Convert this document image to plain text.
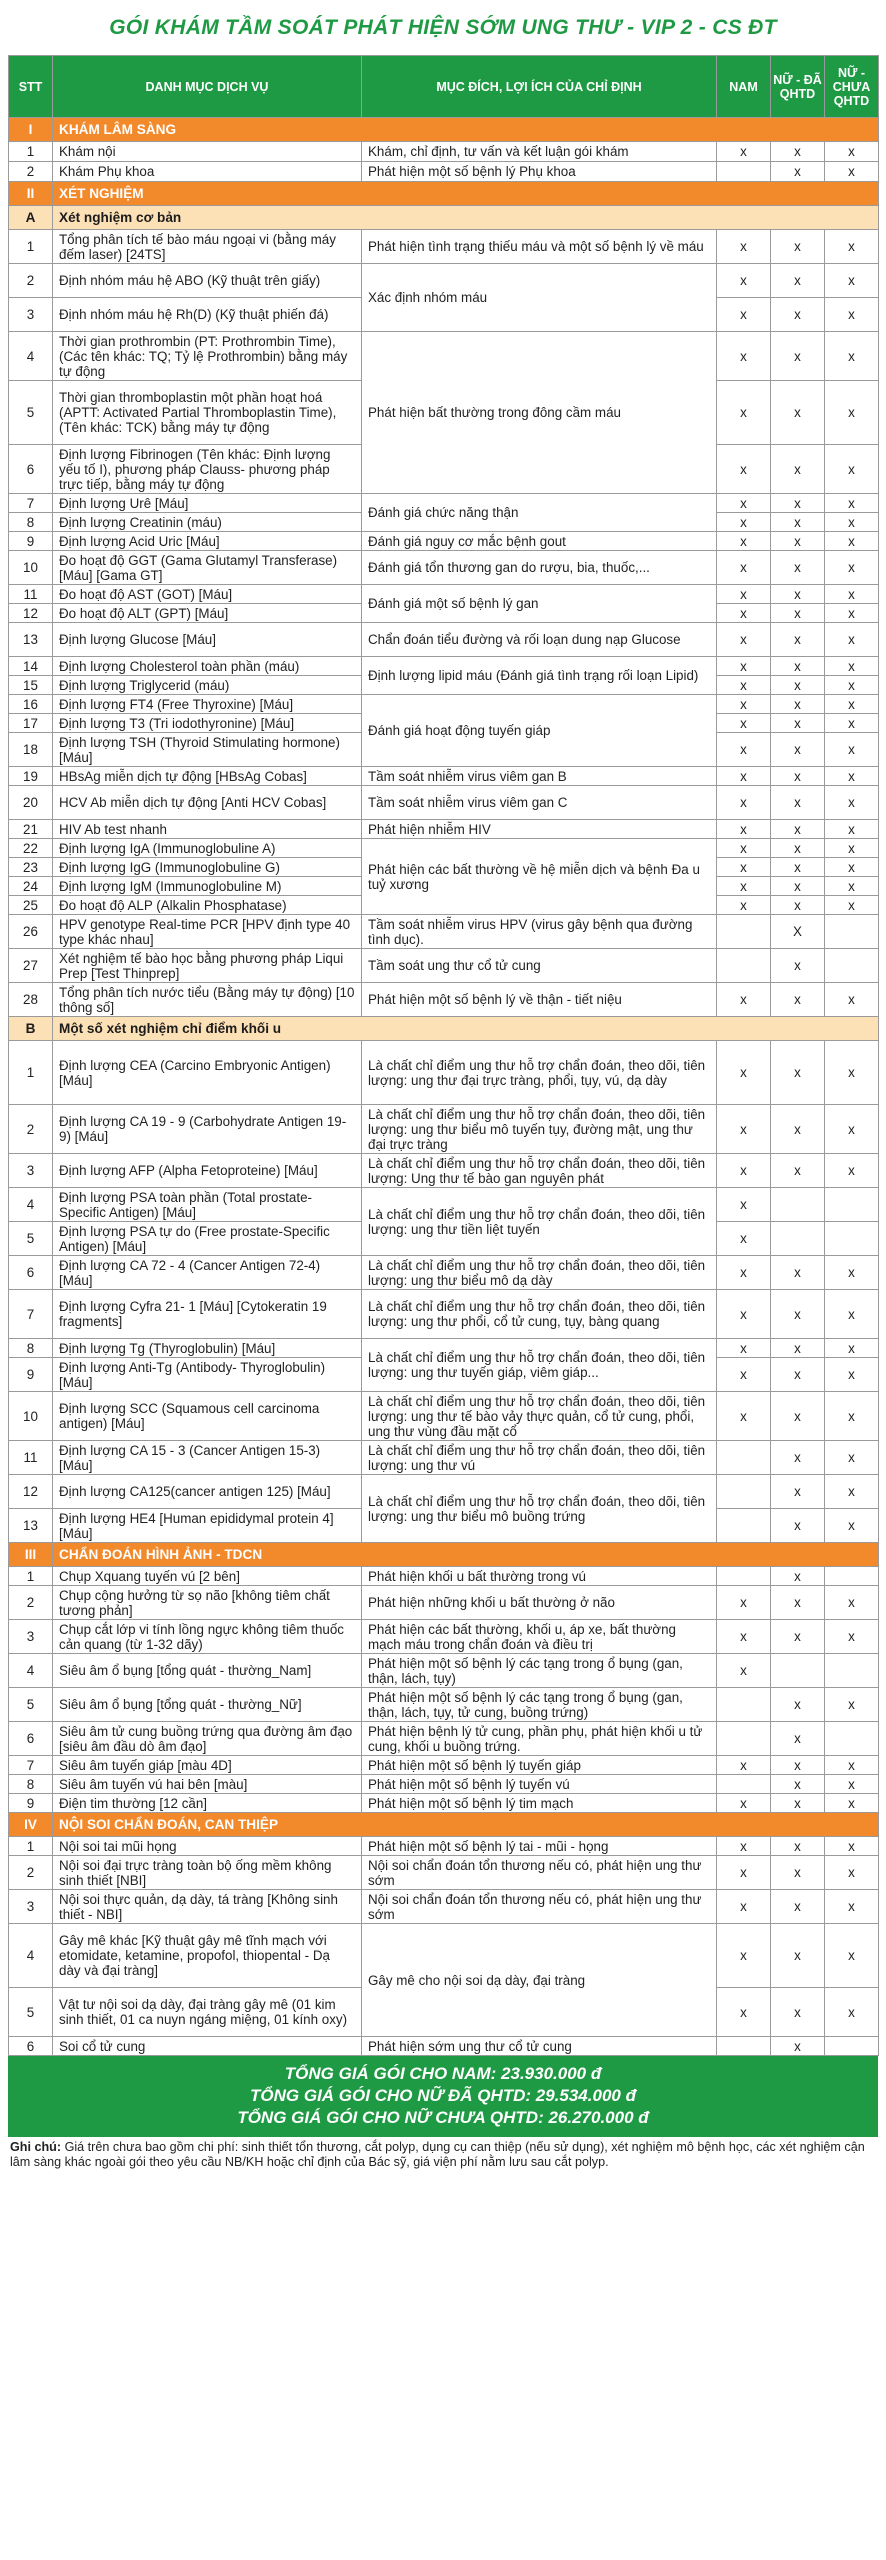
GÓI KHÁM TẦM SOÁT PHÁT HIỆN SỚM UNG THƯ - VIP 2 - CS ĐT
STT	DANH MỤC DỊCH VỤ	MỤC ĐÍCH, LỢI ÍCH CỦA CHỈ ĐỊNH	NAM	NỮ - ĐÃ QHTD	NỮ - CHƯA QHTD
I	KHÁM LÂM SÀNG				
1	Khám nội	Khám, chỉ định, tư vấn và kết luận gói khám	x	x	x
2	Khám Phụ khoa	Phát hiện một số bệnh lý Phụ khoa		x	x
II	XÉT NGHIỆM				
A	Xét nghiệm cơ bản				
1	Tổng phân tích tế bào máu ngoại vi (bằng máy đếm laser) [24TS]	Phát hiện tình trạng thiếu máu và một số bệnh lý về máu	x	x	x
2	Định nhóm máu hệ ABO (Kỹ thuật trên giấy)	Xác định nhóm máu	x	x	x
3	Định nhóm máu hệ Rh(D) (Kỹ thuật phiến đá)		x	x	x
4	Thời gian prothrombin (PT: Prothrombin Time), (Các tên khác: TQ; Tỷ lệ Prothrombin) bằng máy tự động	Phát hiện bất thường trong đông cầm máu	x	x	x
5	Thời gian thromboplastin một phần hoạt hoá (APTT: Activated Partial Thromboplastin Time), (Tên khác: TCK) bằng máy tự động		x	x	x
6	Định lượng Fibrinogen (Tên khác: Định lượng yếu tố I), phương pháp Clauss- phương pháp trực tiếp, bằng máy tự động		x	x	x
7	Định lượng Urê [Máu]	Đánh giá chức năng thận	x	x	x
8	Định lượng Creatinin (máu)		x	x	x
9	Định lượng Acid Uric [Máu]	Đánh giá nguy cơ mắc bệnh gout	x	x	x
10	Đo hoạt độ GGT (Gama Glutamyl Transferase) [Máu] [Gama GT]	Đánh giá tổn thương gan do rượu, bia, thuốc,...	x	x	x
11	Đo hoạt độ AST (GOT) [Máu]	Đánh giá một số bệnh lý gan	x	x	x
12	Đo hoạt độ ALT (GPT) [Máu]		x	x	x
13	Định lượng Glucose [Máu]	Chẩn đoán tiểu đường và rối loạn dung nạp Glucose	x	x	x
14	Định lượng Cholesterol toàn phần (máu)	Định lượng lipid máu (Đánh giá tình trạng rối loạn Lipid)	x	x	x
15	Định lượng Triglycerid (máu)		x	x	x
16	Định lượng FT4 (Free Thyroxine) [Máu]	Đánh giá hoạt động tuyến giáp	x	x	x
17	Định lượng T3 (Tri iodothyronine) [Máu]		x	x	x
18	Định lượng TSH (Thyroid Stimulating hormone) [Máu]		x	x	x
19	HBsAg miễn dịch tự động [HBsAg Cobas]	Tầm soát nhiễm virus viêm gan B	x	x	x
20	HCV Ab miễn dịch tự động [Anti HCV Cobas]	Tầm soát nhiễm virus viêm gan C	x	x	x
21	HIV Ab test nhanh	Phát hiện nhiễm HIV	x	x	x
22	Định lượng IgA (Immunoglobuline A)	Phát hiện các bất thường về hệ miễn dịch và bệnh Đa u tuỷ xương	x	x	x
23	Định lượng IgG (Immunoglobuline G)		x	x	x
24	Định lượng IgM (Immunoglobuline M)		x	x	x
25	Đo hoạt độ ALP (Alkalin Phosphatase)		x	x	x
26	HPV genotype Real-time PCR [HPV định type 40 type khác nhau]	Tầm soát nhiễm virus HPV (virus gây bệnh qua đường tình dục).		X	
27	Xét nghiệm tế bào học bằng phương pháp Liqui Prep [Test Thinprep]	Tầm soát ung thư cổ tử cung		x	
28	Tổng phân tích nước tiểu (Bằng máy tự động) [10 thông số]	Phát hiện một số bệnh lý về thận - tiết niệu	x	x	x
B	Một số xét nghiệm chỉ điểm khối u				
1	Định lượng CEA (Carcino Embryonic Antigen) [Máu]	Là chất chỉ điểm ung thư hỗ trợ chẩn đoán, theo dõi, tiên lượng: ung thư đại trực tràng, phổi, tụy, vú, dạ dày	x	x	x
2	Định lượng CA 19 - 9 (Carbohydrate Antigen 19-9) [Máu]	Là chất chỉ điểm ung thư hỗ trợ chẩn đoán, theo dõi, tiên lượng: ung thư biểu mô tuyến tụy, đường mật, ung thư đại trực tràng	x	x	x
3	Định lượng AFP (Alpha Fetoproteine) [Máu]	Là chất chỉ điểm ung thư hỗ trợ chẩn đoán, theo dõi, tiên lượng: Ung thư tế bào gan nguyên phát	x	x	x
4	Định lượng PSA toàn phần (Total prostate-Specific Antigen) [Máu]	Là chất chỉ điểm ung thư hỗ trợ chẩn đoán, theo dõi, tiên lượng: ung thư tiền liệt tuyến	x		
5	Định lượng PSA tự do (Free prostate-Specific Antigen) [Máu]		x		
6	Định lượng CA 72 - 4 (Cancer Antigen 72-4) [Máu]	Là chất chỉ điểm ung thư hỗ trợ chẩn đoán, theo dõi, tiên lượng: ung thư biểu mô dạ dày	x	x	x
7	Định lượng Cyfra 21- 1 [Máu] [Cytokeratin 19 fragments]	Là chất chỉ điểm ung thư hỗ trợ chẩn đoán, theo dõi, tiên lượng: ung thư phổi, cổ tử cung, tụy, bàng quang	x	x	x
8	Định lượng Tg (Thyroglobulin) [Máu]	Là chất chỉ điểm ung thư hỗ trợ chẩn đoán, theo dõi, tiên lượng: ung thư tuyến giáp, viêm giáp...	x	x	x
9	Định lượng Anti-Tg (Antibody- Thyroglobulin) [Máu]		x	x	x
10	Định lượng SCC (Squamous cell carcinoma antigen) [Máu]	Là chất chỉ điểm ung thư hỗ trợ chẩn đoán, theo dõi, tiên lượng: ung thư tế bào vảy thực quản, cổ tử cung, phổi, ung thư vùng đầu mặt cổ	x	x	x
11	Định lượng CA 15 - 3 (Cancer Antigen 15-3) [Máu]	Là chất chỉ điểm ung thư hỗ trợ chẩn đoán, theo dõi, tiên lượng: ung thư vú		x	x
12	Định lượng CA125(cancer antigen 125) [Máu]	Là chất chỉ điểm ung thư hỗ trợ chẩn đoán, theo dõi, tiên lượng: ung thư biểu mô buồng trứng		x	x
13	Định lượng HE4 [Human epididymal protein 4] [Máu]			x	x
III	CHẨN ĐOÁN HÌNH ẢNH - TDCN				
1	Chụp Xquang tuyến vú [2 bên]	Phát hiện khối u bất thường trong vú		x	
2	Chụp cộng hưởng từ sọ não [không tiêm chất tương phản]	Phát hiện những khối u bất thường ở não	x	x	x
3	Chụp cắt lớp vi tính lồng ngực không tiêm thuốc cản quang (từ 1-32 dãy)	Phát hiện các bất thường, khối u, áp xe, bất thường mạch máu trong chẩn đoán và điều trị	x	x	x
4	Siêu âm ổ bụng [tổng quát - thường_Nam]	Phát hiện một số bệnh lý các tạng trong ổ bụng (gan, thận, lách, tụy)	x		
5	Siêu âm ổ bụng [tổng quát - thường_Nữ]	Phát hiện một số bệnh lý các tạng trong ổ bụng (gan, thận, lách, tụy, tử cung, buồng trứng)		x	x
6	Siêu âm tử cung buồng trứng qua đường âm đạo [siêu âm đầu dò âm đạo]	Phát hiện bệnh lý tử cung, phần phụ, phát hiện khối u tử cung, khối u buồng trứng.		x	
7	Siêu âm tuyến giáp [màu 4D]	Phát hiện một số bệnh lý tuyến giáp	x	x	x
8	Siêu âm tuyến vú hai bên [màu]	Phát hiện một số bệnh lý tuyến vú		x	x
9	Điện tim thường [12 cần]	Phát hiện một số bệnh lý tim mạch	x	x	x
IV	NỘI SOI CHẨN ĐOÁN, CAN THIỆP				
1	Nội soi tai mũi họng	Phát hiện một số bệnh lý tai - mũi - họng	x	x	x
2	Nội soi đại trực tràng toàn bộ ống mềm không sinh thiết [NBI]	Nội soi chẩn đoán tổn thương nếu có, phát hiện ung thư sớm	x	x	x
3	Nội soi thực quản, dạ dày, tá tràng [Không sinh thiết - NBI]	Nội soi chẩn đoán tổn thương nếu có, phát hiện ung thư sớm	x	x	x
4	Gây mê khác [Kỹ thuật gây mê tĩnh mạch với etomidate, ketamine, propofol, thiopental - Dạ dày và đại tràng]	Gây mê cho nội soi dạ dày, đại tràng	x	x	x
5	Vật tư nội soi dạ dày, đại tràng gây mê (01 kim sinh thiết, 01 ca nuyn ngáng miệng, 01 kính oxy)		x	x	x
6	Soi cổ tử cung	Phát hiện sớm ung thư cổ tử cung		x	
TỔNG GIÁ GÓI CHO NAM: 23.930.000 đ
TỔNG GIÁ GÓI CHO NỮ ĐÃ QHTD: 29.534.000 đ
TỔNG GIÁ GÓI CHO NỮ CHƯA QHTD: 26.270.000 đ
Ghi chú: Giá trên chưa bao gồm chi phí: sinh thiết tổn thương, cắt polyp, dụng cụ can thiệp (nếu sử dụng), xét nghiệm mô bệnh học, các xét nghiệm cận lâm sàng khác ngoài gói theo yêu cầu NB/KH hoặc chỉ định của Bác sỹ, giá viện phí nằm lưu sau cắt polyp.
